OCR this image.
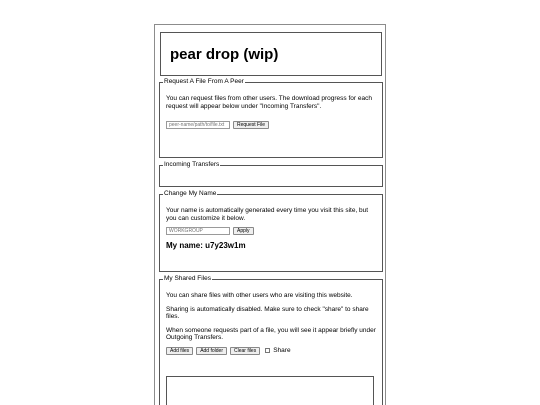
pear drop (wip)
Request A File From A Peer

You can request files from other users. The download progress for each request will appear below under "Incoming Transfers".

peer-name/path/to/file.txt
Request File
Incoming Transfers
Change My Name

Your name is automatically generated every time you visit this site, but you can customize it below.

WORKGROUP
Apply
My name: u7y23w1m
My Shared Files

You can share files with other users who are visiting this website.

Sharing is automatically disabled. Make sure to check "share" to share files.

When someone requests part of a file, you will see it appear briefly under Outgoing Transfers.

Add files	Add folder	Clear files	Share
